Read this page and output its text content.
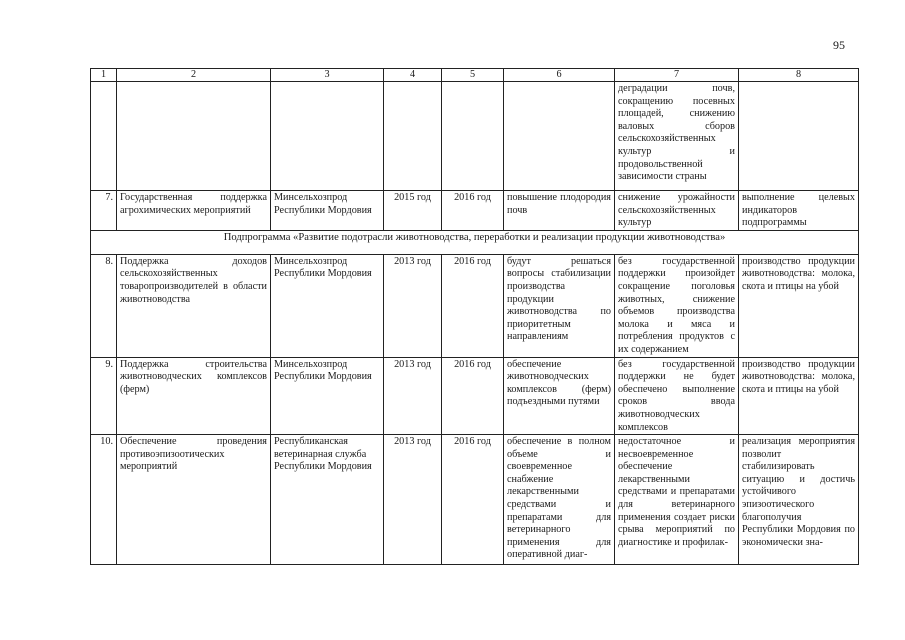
95
1	2	3	4	5	6	7	8
						деградации почв, сокращению посевных площадей, снижению валовых сборов сельскохозяйственных культур и продовольственной зависимости страны	
7.	Государственная поддержка агрохимических мероприятий	Минсельхозпрод Республики Мордовия	2015 год	2016 год	повышение плодородия почв	снижение урожайности сельскохозяйственных культур	выполнение целевых индикаторов подпрограммы
Подпрограмма «Развитие подотрасли животноводства, переработки и реализации продукции животноводства»							
8.	Поддержка доходов сельскохозяйственных товаропроизводителей в области животноводства	Минсельхозпрод Республики Мордовия	2013 год	2016 год	будут решаться вопросы стабилизации производства продукции животноводства по приоритетным направлениям	без государственной поддержки произойдет сокращение поголовья животных, снижение объемов производства молока и мяса и потребления продуктов с их содержанием	производство продукции животноводства: молока, скота и птицы на убой
9.	Поддержка строительства животноводческих комплексов (ферм)	Минсельхозпрод Республики Мордовия	2013 год	2016 год	обеспечение животноводческих комплексов (ферм) подъездными путями	без государственной поддержки не будет обеспечено выполнение сроков ввода животноводческих комплексов	производство продукции животноводства: молока, скота и птицы на убой
10.	Обеспечение проведения противоэпизоотических мероприятий	Республиканская ветеринарная служба Республики Мордовия	2013 год	2016 год	обеспечение в полном объеме и своевременное снабжение лекарственными средствами и препаратами для ветеринарного применения для оперативной диаг-	недостаточное и несвоевременное обеспечение лекарственными средствами и препаратами для ветеринарного применения создает риски срыва мероприятий по диагностике и профилак-	реализация мероприятия позволит стабилизировать ситуацию и достичь устойчивого эпизоотического благополучия Республики Мордовия по экономически зна-
